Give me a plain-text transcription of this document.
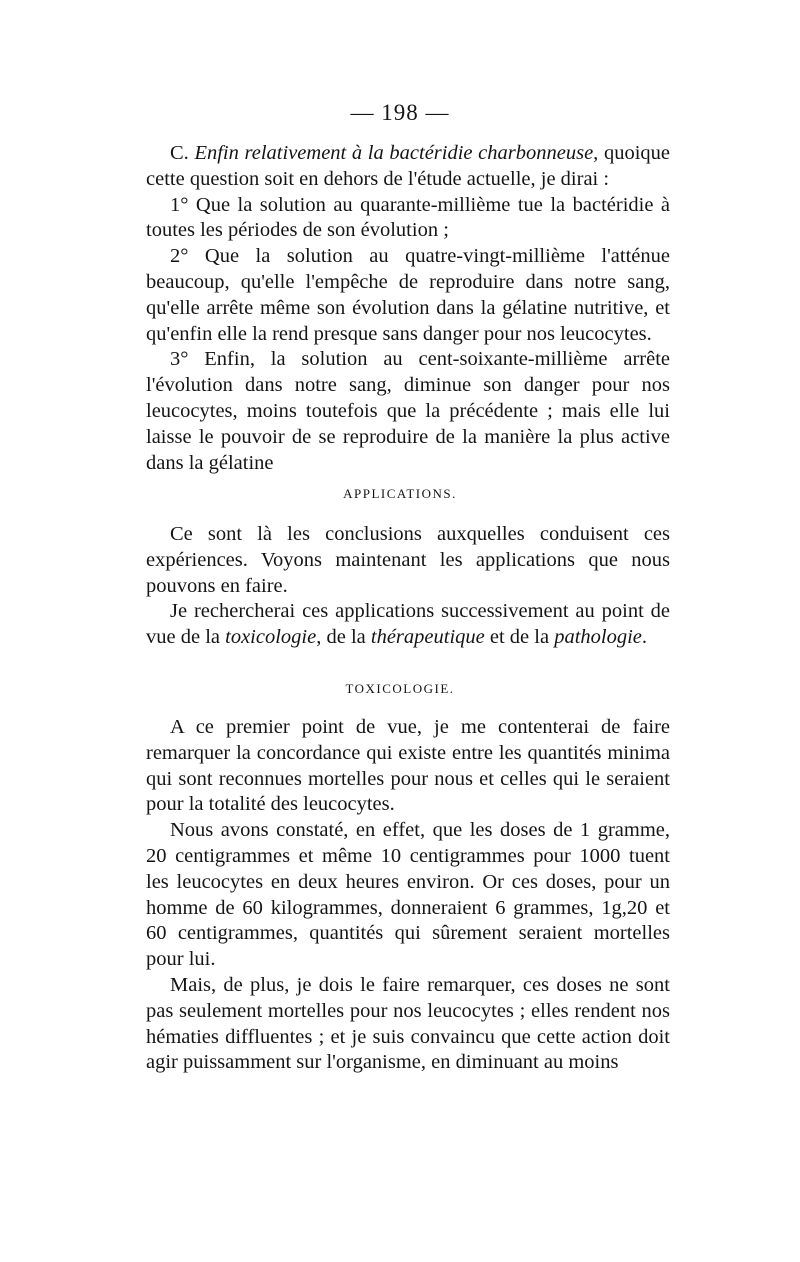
— 198 —

C. Enfin relativement à la bactéridie charbonneuse, quoique cette question soit en dehors de l'étude actuelle, je dirai :

1° Que la solution au quarante-millième tue la bactéridie à toutes les périodes de son évolution ;

2° Que la solution au quatre-vingt-millième l'atténue beaucoup, qu'elle l'empêche de reproduire dans notre sang, qu'elle arrête même son évolution dans la gélatine nutritive, et qu'enfin elle la rend presque sans danger pour nos leucocytes.

3° Enfin, la solution au cent-soixante-millième arrête l'évolution dans notre sang, diminue son danger pour nos leucocytes, moins toutefois que la précédente ; mais elle lui laisse le pouvoir de se reproduire de la manière la plus active dans la gélatine

APPLICATIONS.

Ce sont là les conclusions auxquelles conduisent ces expériences. Voyons maintenant les applications que nous pouvons en faire.

Je rechercherai ces applications successivement au point de vue de la toxicologie, de la thérapeutique et de la pathologie.

TOXICOLOGIE.

A ce premier point de vue, je me contenterai de faire remarquer la concordance qui existe entre les quantités minima qui sont reconnues mortelles pour nous et celles qui le seraient pour la totalité des leucocytes.

Nous avons constaté, en effet, que les doses de 1 gramme, 20 centigrammes et même 10 centigrammes pour 1000 tuent les leucocytes en deux heures environ. Or ces doses, pour un homme de 60 kilogrammes, donneraient 6 grammes, 1g,20 et 60 centigrammes, quantités qui sûrement seraient mortelles pour lui.

Mais, de plus, je dois le faire remarquer, ces doses ne sont pas seulement mortelles pour nos leucocytes ; elles rendent nos hématies diffluentes ; et je suis convaincu que cette action doit agir puissamment sur l'organisme, en diminuant au moins
